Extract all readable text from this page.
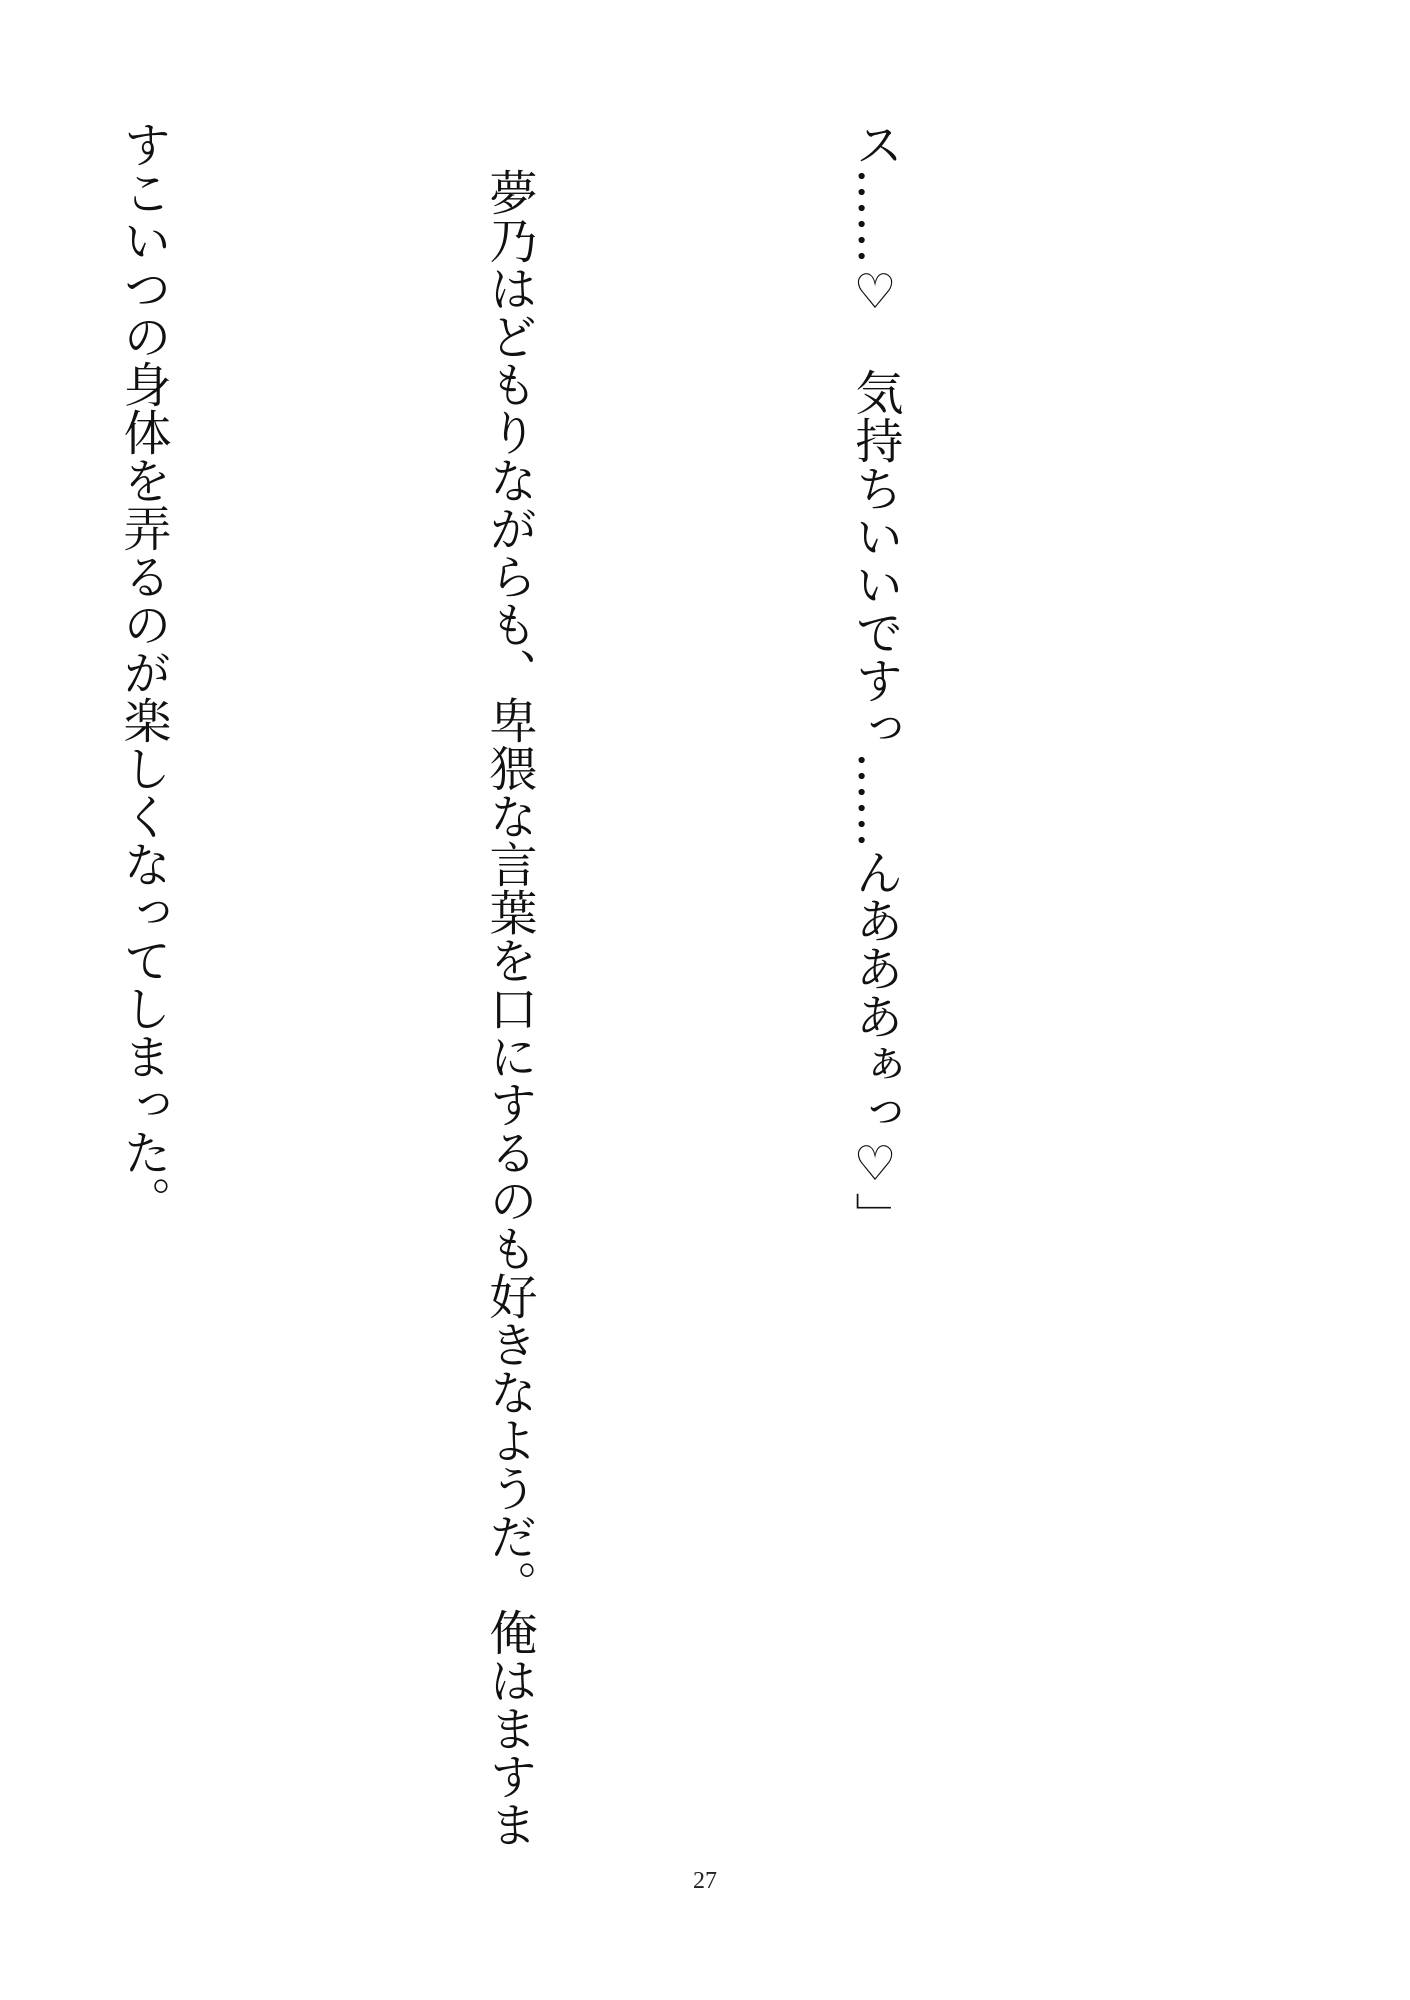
ス……♡　気持ちいいですっ……んあああぁっ♡」

　夢乃はどもりながらも、卑猥な言葉を口にするのも好きなようだ。俺はますま

すこいつの身体を弄るのが楽しくなってしまった。

27
